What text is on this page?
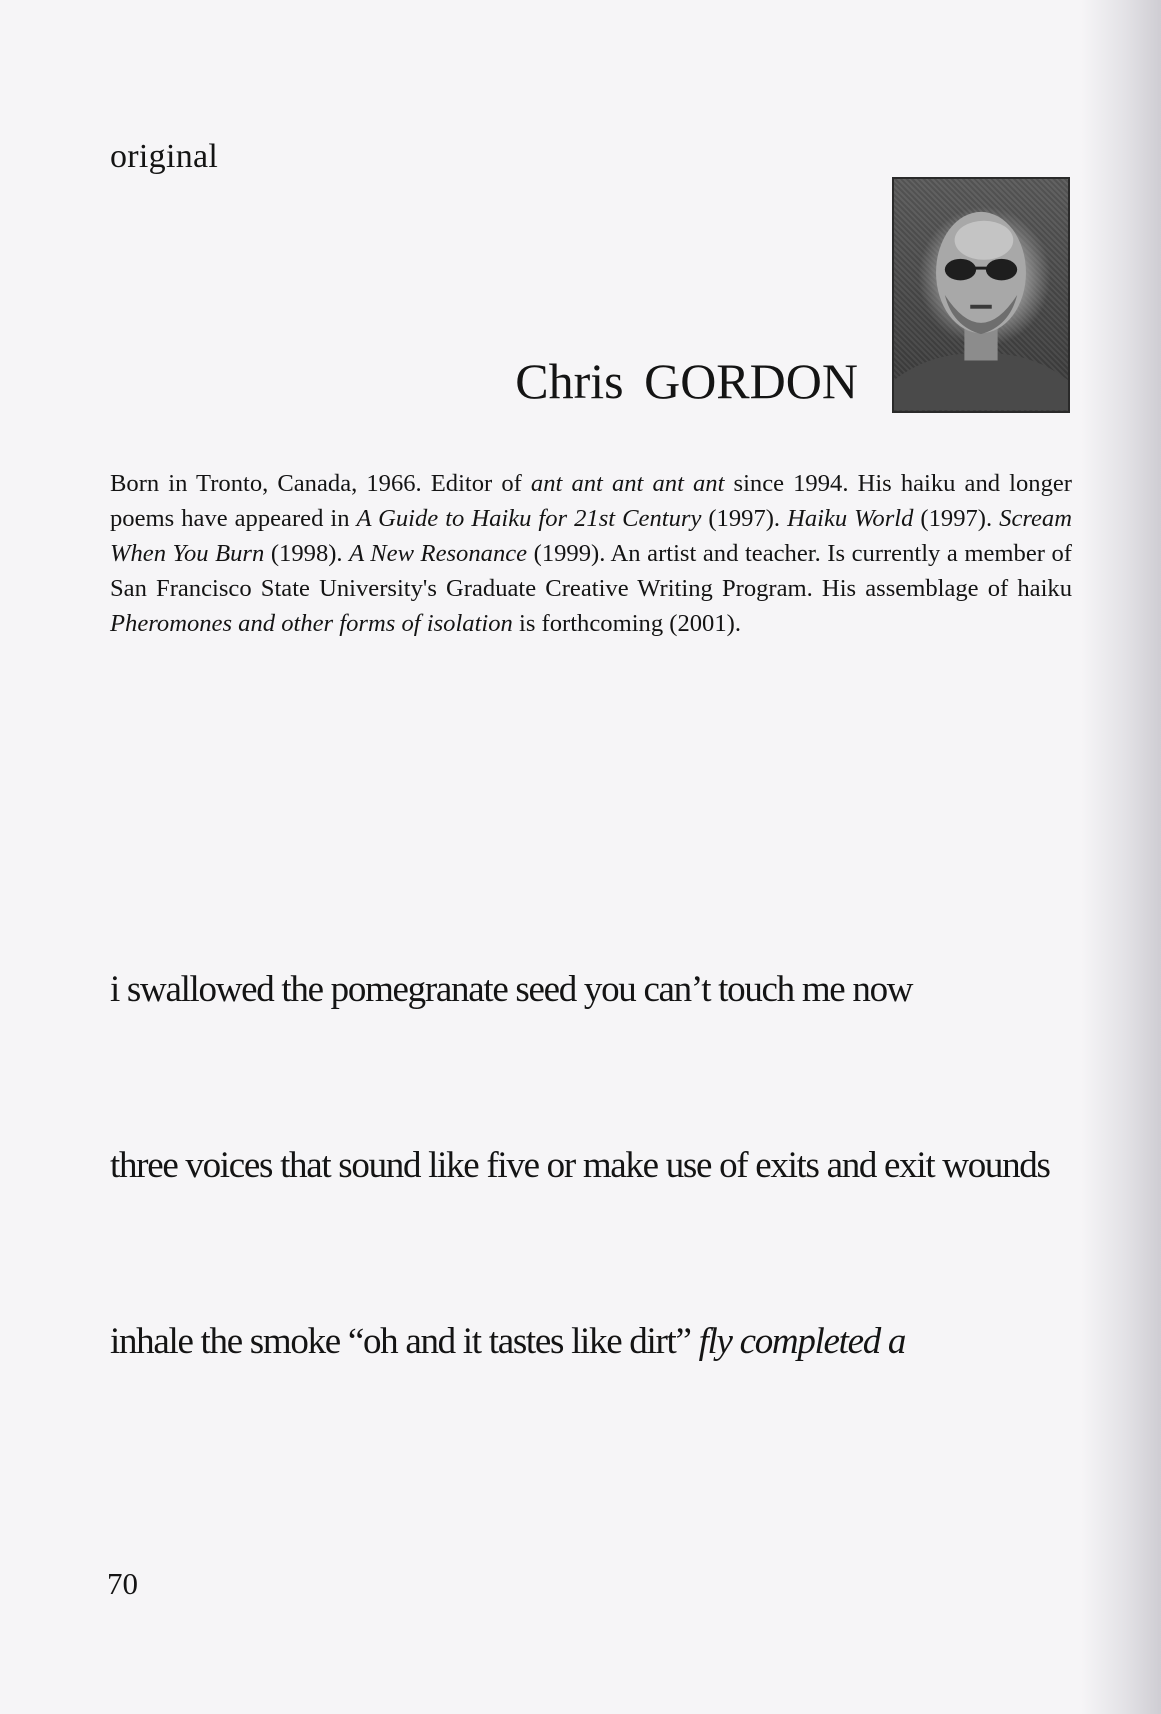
original
Chris GORDON

Born in Tronto, Canada, 1966. Editor of ant ant ant ant ant since 1994. His haiku and longer poems have appeared in A Guide to Haiku for 21st Century (1997). Haiku World (1997). Scream When You Burn (1998). A New Resonance (1999). An artist and teacher. Is currently a member of San Francisco State University's Graduate Creative Writing Program. His assemblage of haiku Pheromones and other forms of isolation is forthcoming (2001).

i swallowed the pomegranate seed you can’t touch me now
three voices that sound like five or make use of exits and exit wounds
inhale the smoke “oh and it tastes like dirt” fly completed a
70
